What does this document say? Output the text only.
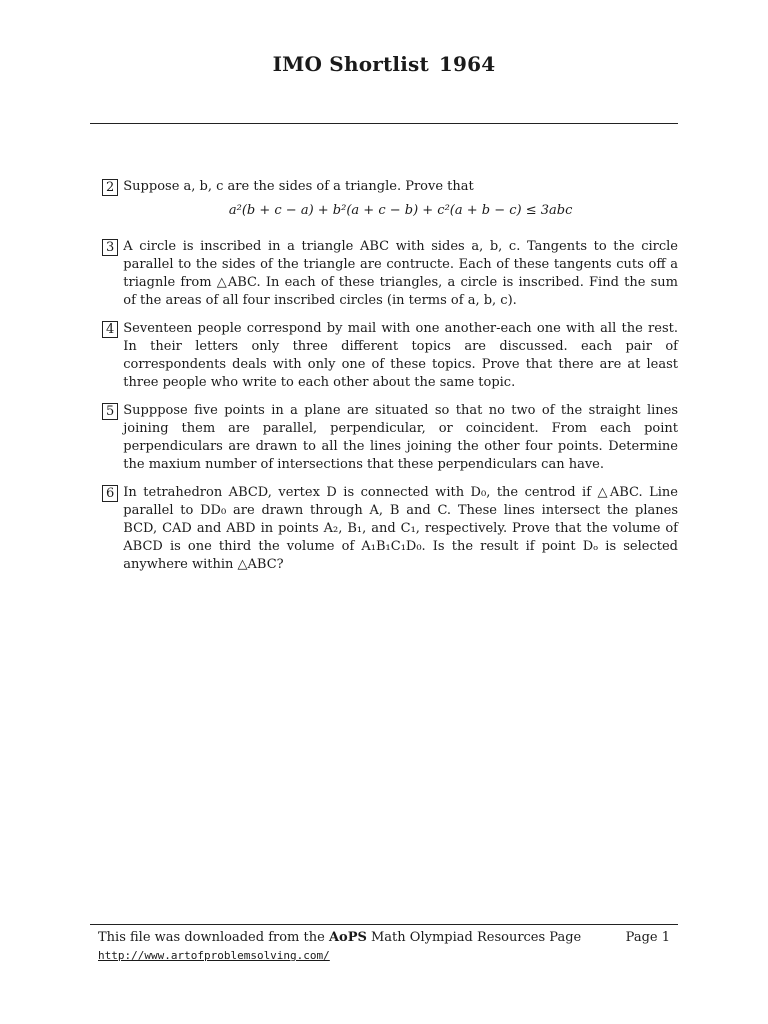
IMO Shortlist 1964
2 Suppose a, b, c are the sides of a triangle. Prove that
a²(b + c − a) + b²(a + c − b) + c²(a + b − c) ≤ 3abc
3 A circle is inscribed in a triangle ABC with sides a, b, c. Tangents to the circle parallel to the sides of the triangle are contructe. Each of these tangents cuts off a triagnle from △ABC. In each of these triangles, a circle is inscribed. Find the sum of the areas of all four inscribed circles (in terms of a, b, c).
4 Seventeen people correspond by mail with one another-each one with all the rest. In their letters only three different topics are discussed. each pair of correspondents deals with only one of these topics. Prove that there are at least three people who write to each other about the same topic.
5 Supppose five points in a plane are situated so that no two of the straight lines joining them are parallel, perpendicular, or coincident. From each point perpendiculars are drawn to all the lines joining the other four points. Determine the maxium number of intersections that these perpendiculars can have.
6 In tetrahedron ABCD, vertex D is connected with D₀, the centrod if △ABC. Line parallel to DD₀ are drawn through A, B and C. These lines intersect the planes BCD, CAD and ABD in points A₂, B₁, and C₁, respectively. Prove that the volume of ABCD is one third the volume of A₁B₁C₁D₀. Is the result if point Dₒ is selected anywhere within △ABC?
This file was downloaded from the AoPS Math Olympiad Resources Page
http://www.artofproblemsolving.com/
Page 1
